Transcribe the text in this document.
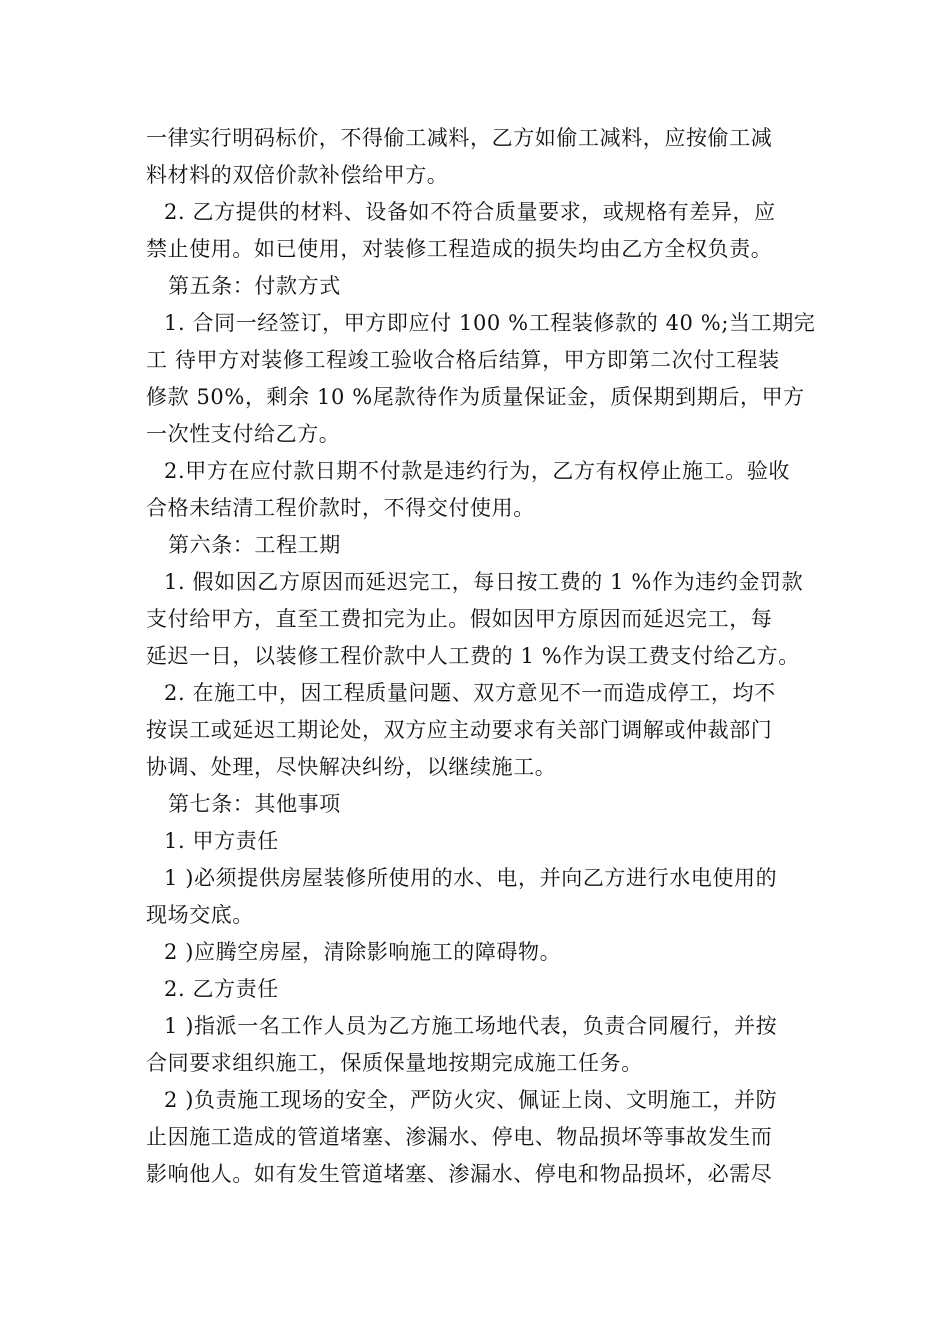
一律实行明码标价，不得偷工减料，乙方如偷工减料，应按偷工减
料材料的双倍价款补偿给甲方。
2. 乙方提供的材料、设备如不符合质量要求，或规格有差异，应
禁止使用。如已使用，对装修工程造成的损失均由乙方全权负责。
第五条：付款方式
1. 合同一经签订，甲方即应付 100 %工程装修款的 40 %;当工期完
工 待甲方对装修工程竣工验收合格后结算，甲方即第二次付工程装
修款 50%，剩余 10 %尾款待作为质量保证金，质保期到期后，甲方
一次性支付给乙方。
2.甲方在应付款日期不付款是违约行为，乙方有权停止施工。验收
合格未结清工程价款时，不得交付使用。
第六条：工程工期
1. 假如因乙方原因而延迟完工，每日按工费的 1 %作为违约金罚款
支付给甲方，直至工费扣完为止。假如因甲方原因而延迟完工，每
延迟一日，以装修工程价款中人工费的 1 %作为误工费支付给乙方。
2. 在施工中，因工程质量问题、双方意见不一而造成停工，均不
按误工或延迟工期论处，双方应主动要求有关部门调解或仲裁部门
协调、处理，尽快解决纠纷，以继续施工。
第七条：其他事项
1. 甲方责任
1 )必须提供房屋装修所使用的水、电，并向乙方进行水电使用的
现场交底。
2 )应腾空房屋，清除影响施工的障碍物。
2. 乙方责任
1 )指派一名工作人员为乙方施工场地代表，负责合同履行，并按
合同要求组织施工，保质保量地按期完成施工任务。
2 )负责施工现场的安全，严防火灾、佩证上岗、文明施工，并防
止因施工造成的管道堵塞、渗漏水、停电、物品损坏等事故发生而
影响他人。如有发生管道堵塞、渗漏水、停电和物品损坏，必需尽
